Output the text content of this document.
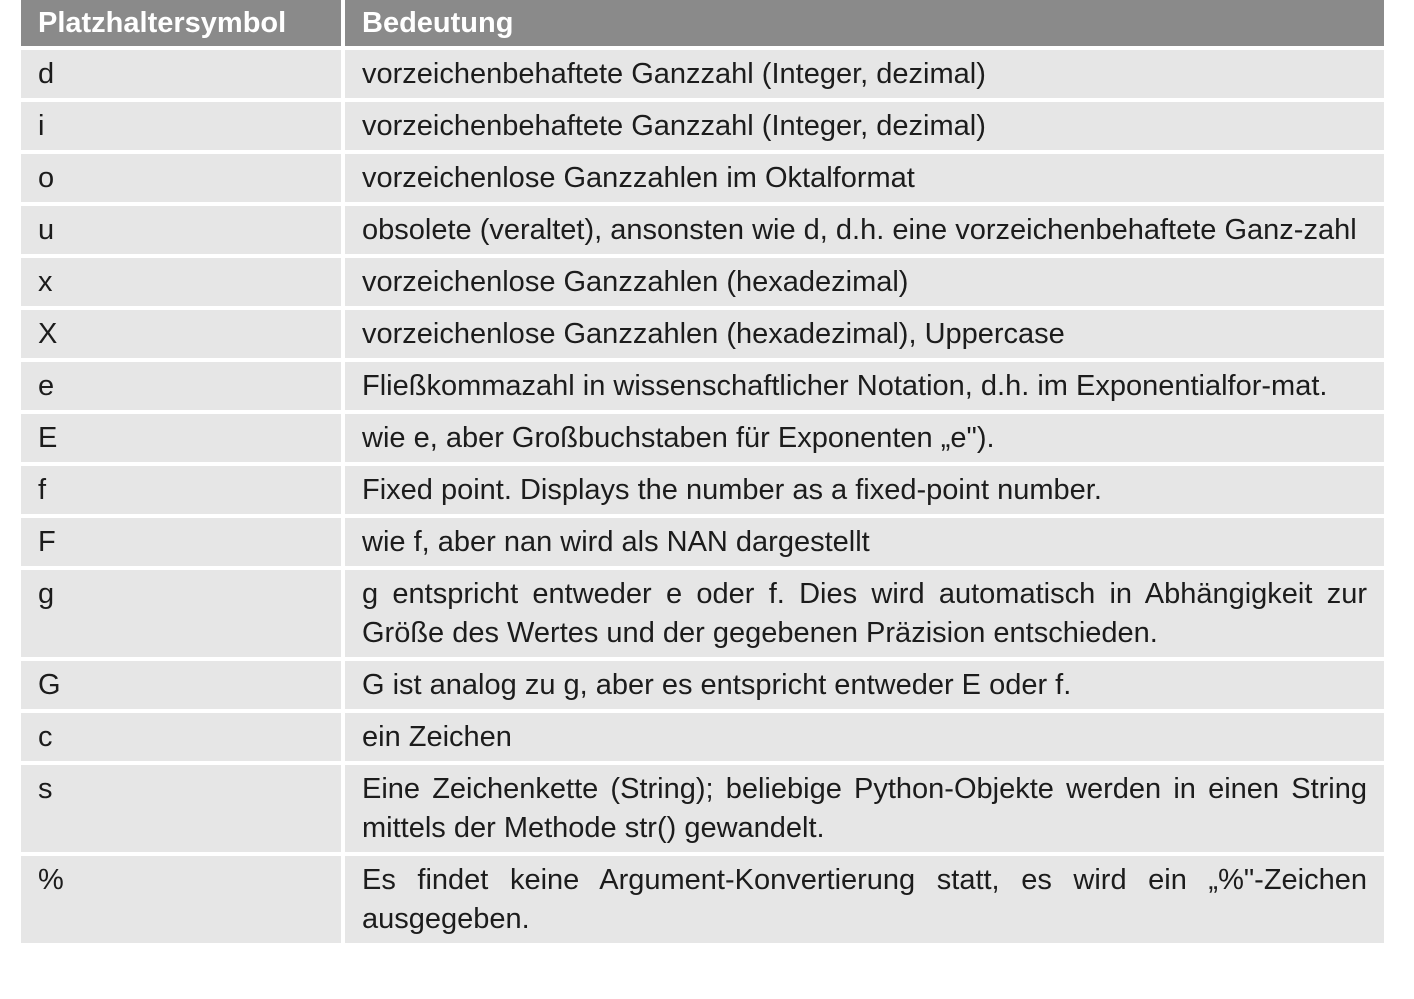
Platzhaltersymbol	Bedeutung
d	vorzeichenbehaftete Ganzzahl (Integer, dezimal)
i	vorzeichenbehaftete Ganzzahl (Integer, dezimal)
o	vorzeichenlose Ganzzahlen im Oktalformat
u	obsolete (veraltet), ansonsten wie d, d.h. eine vorzeichenbehaftete Ganz-zahl
x	vorzeichenlose Ganzzahlen (hexadezimal)
X	vorzeichenlose Ganzzahlen (hexadezimal), Uppercase
e	Fließkommazahl in wissenschaftlicher Notation, d.h. im Exponentialfor-mat.
E	wie e, aber Großbuchstaben für Exponenten „e").
f	Fixed point. Displays the number as a fixed-point number.
F	wie f, aber nan wird als NAN dargestellt
g	g entspricht entweder e oder f. Dies wird automatisch in Abhängigkeit zur Größe des Wertes und der gegebenen Präzision entschieden.
G	G ist analog zu g, aber es entspricht entweder E oder f.
c	ein Zeichen
s	Eine Zeichenkette (String); beliebige Python-Objekte werden in einen String mittels der Methode str() gewandelt.
%	Es findet keine Argument-Konvertierung statt, es wird ein „%"-Zeichen ausgegeben.
